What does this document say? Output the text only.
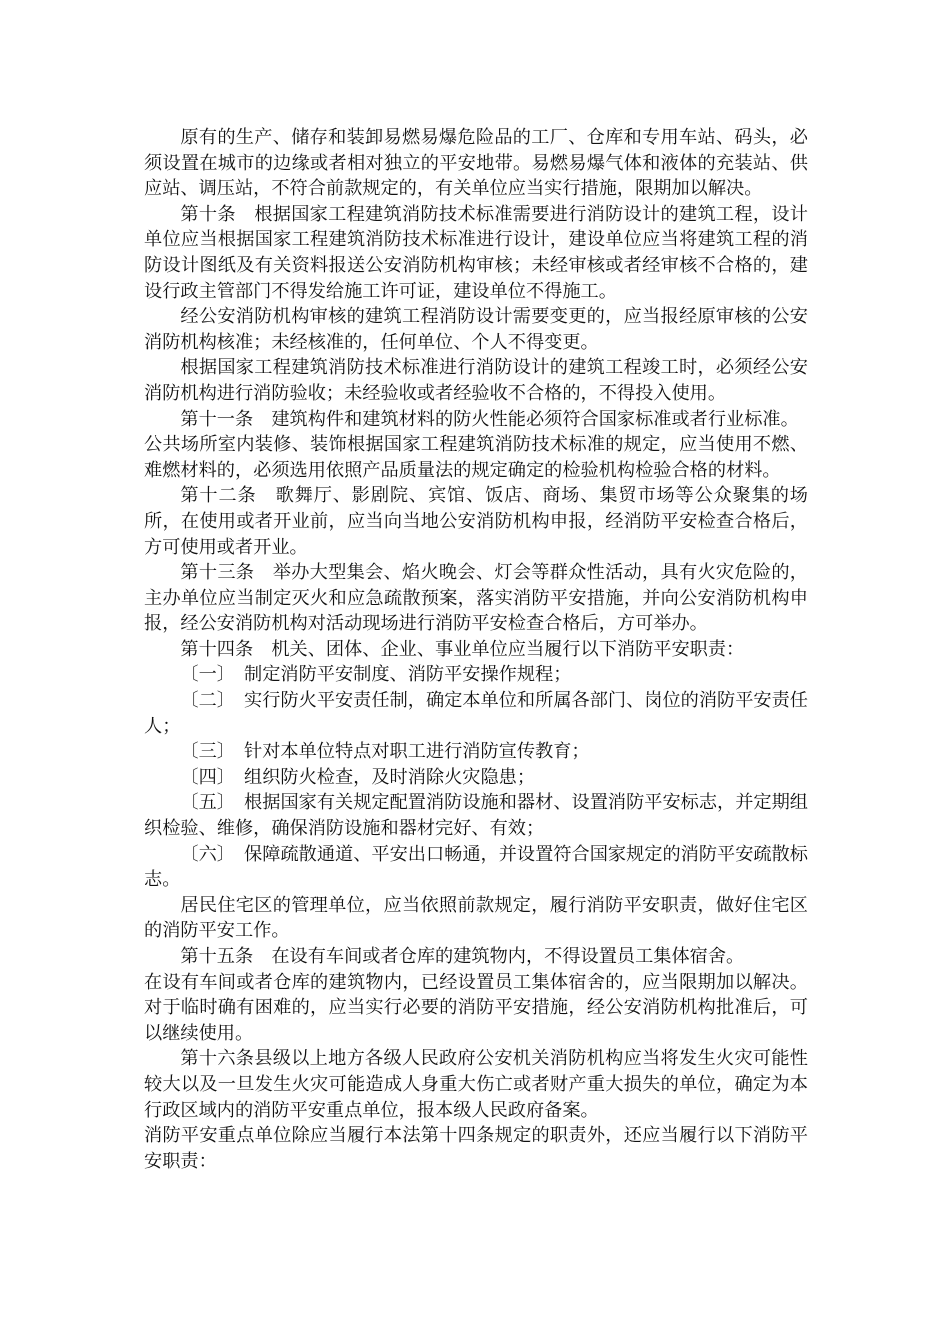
原有的生产、储存和装卸易燃易爆危险品的工厂、仓库和专用车站、码头，必须设置在城市的边缘或者相对独立的平安地带。易燃易爆气体和液体的充装站、供应站、调压站，不符合前款规定的，有关单位应当实行措施，限期加以解决。

第十条　根据国家工程建筑消防技术标准需要进行消防设计的建筑工程，设计单位应当根据国家工程建筑消防技术标准进行设计，建设单位应当将建筑工程的消防设计图纸及有关资料报送公安消防机构审核；未经审核或者经审核不合格的，建设行政主管部门不得发给施工许可证，建设单位不得施工。

经公安消防机构审核的建筑工程消防设计需要变更的，应当报经原审核的公安消防机构核准；未经核准的，任何单位、个人不得变更。

根据国家工程建筑消防技术标准进行消防设计的建筑工程竣工时，必须经公安消防机构进行消防验收；未经验收或者经验收不合格的，不得投入使用。

第十一条　建筑构件和建筑材料的防火性能必须符合国家标准或者行业标准。

公共场所室内装修、装饰根据国家工程建筑消防技术标准的规定，应当使用不燃、难燃材料的，必须选用依照产品质量法的规定确定的检验机构检验合格的材料。

第十二条　歌舞厅、影剧院、宾馆、饭店、商场、集贸市场等公众聚集的场所，在使用或者开业前，应当向当地公安消防机构申报，经消防平安检查合格后，方可使用或者开业。

第十三条　举办大型集会、焰火晚会、灯会等群众性活动，具有火灾危险的，主办单位应当制定灭火和应急疏散预案，落实消防平安措施，并向公安消防机构申报，经公安消防机构对活动现场进行消防平安检查合格后，方可举办。

第十四条　机关、团体、企业、事业单位应当履行以下消防平安职责：

〔一〕　制定消防平安制度、消防平安操作规程；

〔二〕　实行防火平安责任制，确定本单位和所属各部门、岗位的消防平安责任人；

〔三〕　针对本单位特点对职工进行消防宣传教育；

〔四〕　组织防火检查，及时消除火灾隐患；

〔五〕　根据国家有关规定配置消防设施和器材、设置消防平安标志，并定期组织检验、维修，确保消防设施和器材完好、有效；

〔六〕　保障疏散通道、平安出口畅通，并设置符合国家规定的消防平安疏散标志。

居民住宅区的管理单位，应当依照前款规定，履行消防平安职责，做好住宅区的消防平安工作。

第十五条　在设有车间或者仓库的建筑物内，不得设置员工集体宿舍。

在设有车间或者仓库的建筑物内，已经设置员工集体宿舍的，应当限期加以解决。对于临时确有困难的，应当实行必要的消防平安措施，经公安消防机构批准后，可以继续使用。

第十六条县级以上地方各级人民政府公安机关消防机构应当将发生火灾可能性较大以及一旦发生火灾可能造成人身重大伤亡或者财产重大损失的单位，确定为本行政区域内的消防平安重点单位，报本级人民政府备案。

消防平安重点单位除应当履行本法第十四条规定的职责外，还应当履行以下消防平安职责：
